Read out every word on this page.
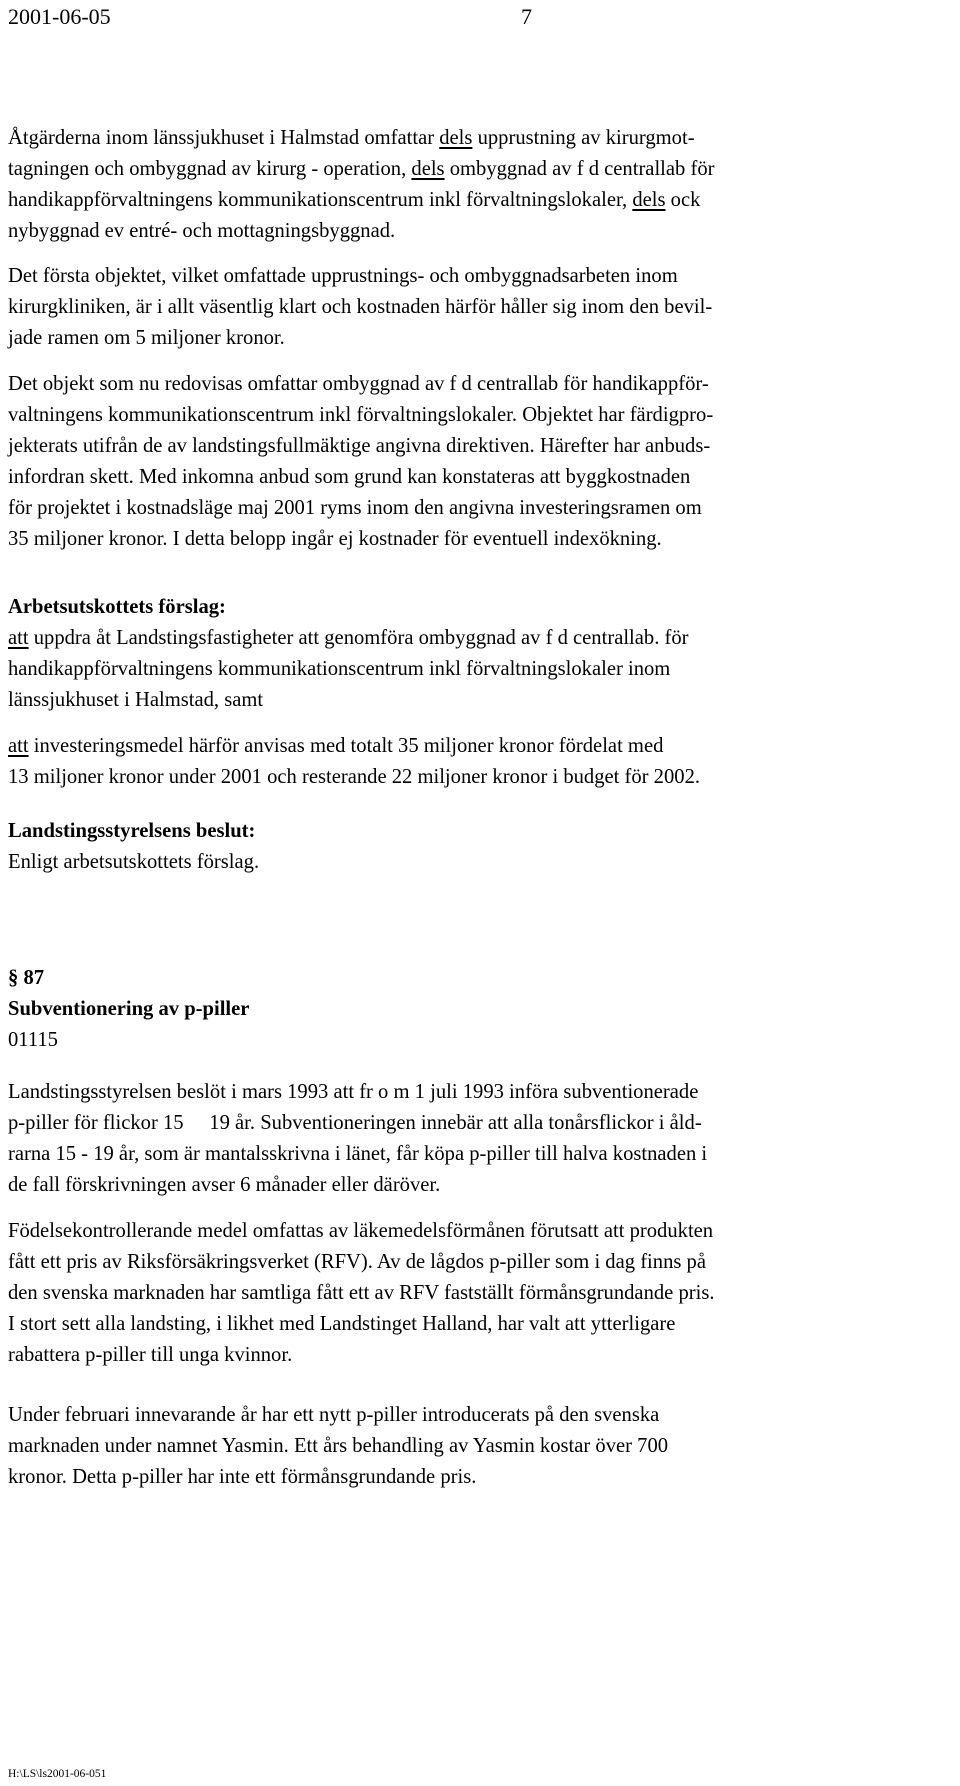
2001-06-05	7
Åtgärderna inom länssjukhuset i Halmstad omfattar dels upprustning av kirurgmot-
tagningen och ombyggnad av kirurg - operation, dels ombyggnad av f d centrallab för
handikappförvaltningens kommunikationscentrum inkl förvaltningslokaler, dels ock
nybyggnad ev entré- och mottagningsbyggnad.
Det första objektet, vilket omfattade upprustnings- och ombyggnadsarbeten inom
kirurgkliniken, är i allt väsentlig klart och kostnaden härför håller sig inom den bevil-
jade ramen om 5 miljoner kronor.
Det objekt som nu redovisas omfattar ombyggnad av f d centrallab för handikappför-
valtningens kommunikationscentrum inkl förvaltningslokaler. Objektet har färdigpro-
jekterats utifrån de av landstingsfullmäktige angivna direktiven. Härefter har anbuds-
infordran skett. Med inkomna anbud som grund kan konstateras att byggkostnaden
för projektet i kostnadsläge maj 2001 ryms inom den angivna investeringsramen om
35 miljoner kronor. I detta belopp ingår ej kostnader för eventuell indexökning.
Arbetsutskottets förslag:
att uppdra åt Landstingsfastigheter att genomföra ombyggnad av f d centrallab. för
handikappförvaltningens kommunikationscentrum inkl förvaltningslokaler inom
länssjukhuset i Halmstad, samt
att investeringsmedel härför anvisas med totalt 35 miljoner kronor fördelat med
13 miljoner kronor under 2001 och resterande 22 miljoner kronor i budget för 2002.
Landstingsstyrelsens beslut:
Enligt arbetsutskottets förslag.
§ 87
Subventionering av p-piller
01115
Landstingsstyrelsen beslöt i mars 1993 att fr o m 1 juli 1993 införa subventionerade
p-piller för flickor 15     19 år. Subventioneringen innebär att alla tonårsflickor i åld-
rarna 15 - 19 år, som är mantalsskrivna i länet, får köpa p-piller till halva kostnaden i
de fall förskrivningen avser 6 månader eller däröver.
Födelsekontrollerande medel omfattas av läkemedelsförmånen förutsatt att produkten
fått ett pris av Riksförsäkringsverket (RFV). Av de lågdos p-piller som i dag finns på
den svenska marknaden har samtliga fått ett av RFV fastställt förmånsgrundande pris.
I stort sett alla landsting, i likhet med Landstinget Halland, har valt att ytterligare
rabattera p-piller till unga kvinnor.
Under februari innevarande år har ett nytt p-piller introducerats på den svenska
marknaden under namnet Yasmin. Ett års behandling av Yasmin kostar över 700
kronor. Detta p-piller har inte ett förmånsgrundande pris.
H:\LS\ls2001-06-051
